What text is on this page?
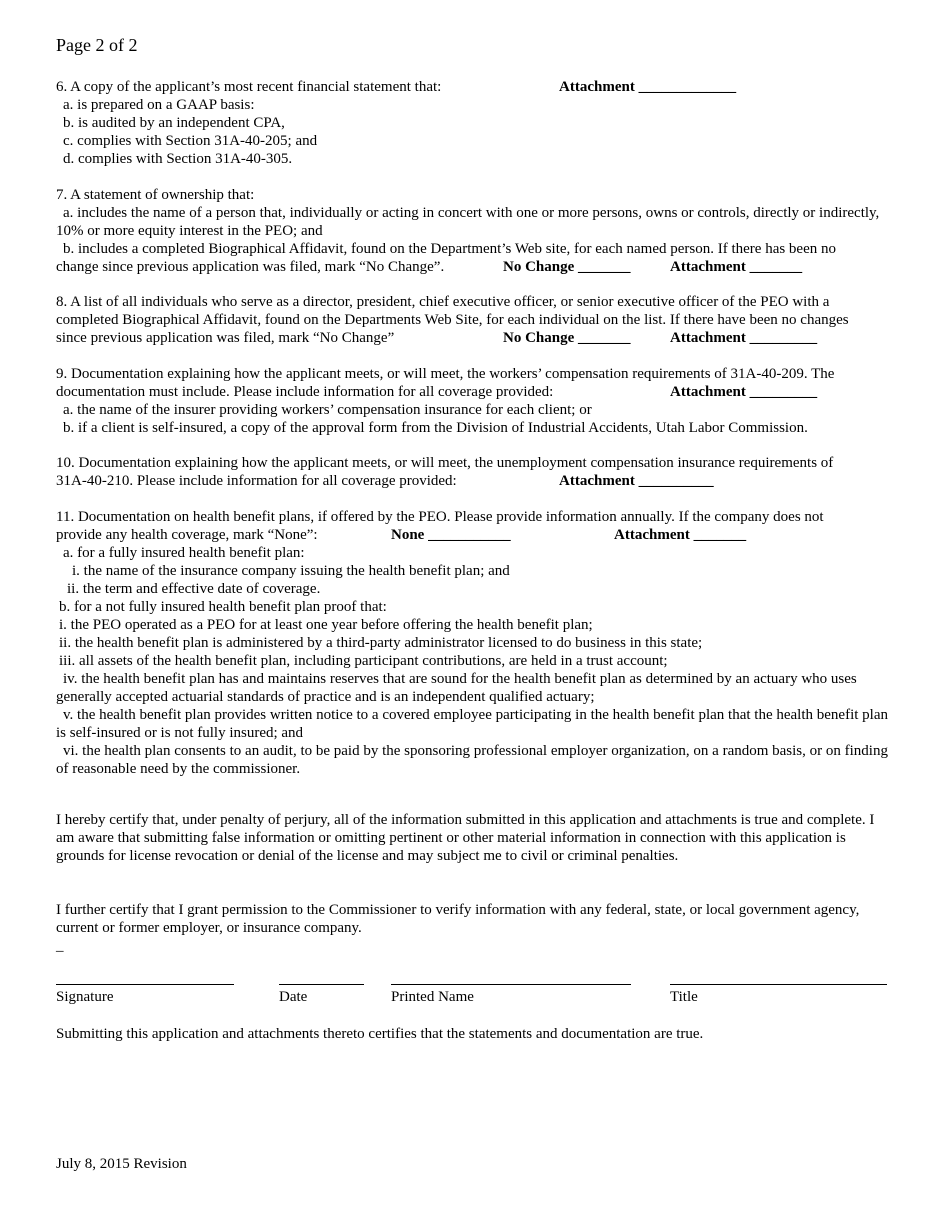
Page 2 of 2
6. A copy of the applicant’s most recent financial statement that:	Attachment _____________
a. is prepared on a GAAP basis:
b. is audited by an independent CPA,
c. complies with Section 31A-40-205; and
d. complies with Section 31A-40-305.
7. A statement of ownership that:
a. includes the name of a person that, individually or acting in concert with one or more persons, owns or controls, directly or indirectly, 10% or more equity interest in the PEO; and
b. includes a completed Biographical Affidavit, found on the Department’s Web site, for each named person. If there has been no
change since previous application was filed, mark “No Change”.	No Change _______	Attachment _______
8. A list of all individuals who serve as a director, president, chief executive officer, or senior executive officer of the PEO with a
completed Biographical Affidavit, found on the Departments Web Site, for each individual on the list. If there have been no changes
since previous application was filed, mark “No Change”	No Change _______	Attachment _________
9. Documentation explaining how the applicant meets, or will meet, the workers’ compensation requirements of 31A-40-209. The
documentation must include. Please include information for all coverage provided:	Attachment _________
a. the name of the insurer providing workers’ compensation insurance for each client; or
b. if a client is self-insured, a copy of the approval form from the Division of Industrial Accidents, Utah Labor Commission.
10. Documentation explaining how the applicant meets, or will meet, the unemployment compensation insurance requirements of
31A-40-210. Please include information for all coverage provided:	Attachment __________
11. Documentation on health benefit plans, if offered by the PEO. Please provide information annually. If the company does not
provide any health coverage, mark “None”:	None ___________	Attachment _______
a. for a fully insured health benefit plan:
i. the name of the insurance company issuing the health benefit plan; and
ii. the term and effective date of coverage.
b. for a not fully insured health benefit plan proof that:
i. the PEO operated as a PEO for at least one year before offering the health benefit plan;
ii. the health benefit plan is administered by a third-party administrator licensed to do business in this state;
iii. all assets of the health benefit plan, including participant contributions, are held in a trust account;
iv. the health benefit plan has and maintains reserves that are sound for the health benefit plan as determined by an actuary who uses generally accepted actuarial standards of practice and is an independent qualified actuary;
v. the health benefit plan provides written notice to a covered employee participating in the health benefit plan that the health benefit plan is self-insured or is not fully insured; and
vi. the health plan consents to an audit, to be paid by the sponsoring professional employer organization, on a random basis, or on finding of reasonable need by the commissioner.
I hereby certify that, under penalty of perjury, all of the information submitted in this application and attachments is true and complete. I am aware that submitting false information or omitting pertinent or other material information in connection with this application is grounds for license revocation or denial of the license and may subject me to civil or criminal penalties.
I further certify that I grant permission to the Commissioner to verify information with any federal, state, or local government agency, current or former employer, or insurance company.
_
Signature	Date	Printed Name	Title
Submitting this application and attachments thereto certifies that the statements and documentation are true.
July 8, 2015 Revision
